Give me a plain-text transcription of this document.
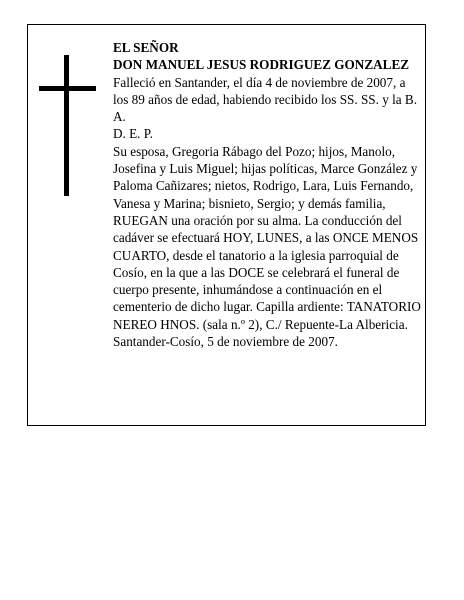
EL SEÑOR

DON MANUEL JESUS RODRIGUEZ GONZALEZ

Falleció en Santander, el día 4 de noviembre de 2007, a los 89 años de edad, habiendo recibido los SS. SS. y la B. A.

D. E. P.

Su esposa, Gregoria Rábago del Pozo; hijos, Manolo, Josefina y Luis Miguel; hijas políticas, Marce González y Paloma Cañizares; nietos, Rodrigo, Lara, Luis Fernando, Vanesa y Marina; bisnieto, Sergio; y demás familia,

RUEGAN una oración por su alma. La conducción del cadáver se efectuará HOY, LUNES, a las ONCE MENOS CUARTO, desde el tanatorio a la iglesia parroquial de Cosío, en la que a las DOCE se celebrará el funeral de cuerpo presente, inhumándose a continuación en el cementerio de dicho lugar. Capilla ardiente: TANATORIO NEREO HNOS. (sala n.º 2), C./ Repuente-La Albericia.

Santander-Cosío, 5 de noviembre de 2007.
